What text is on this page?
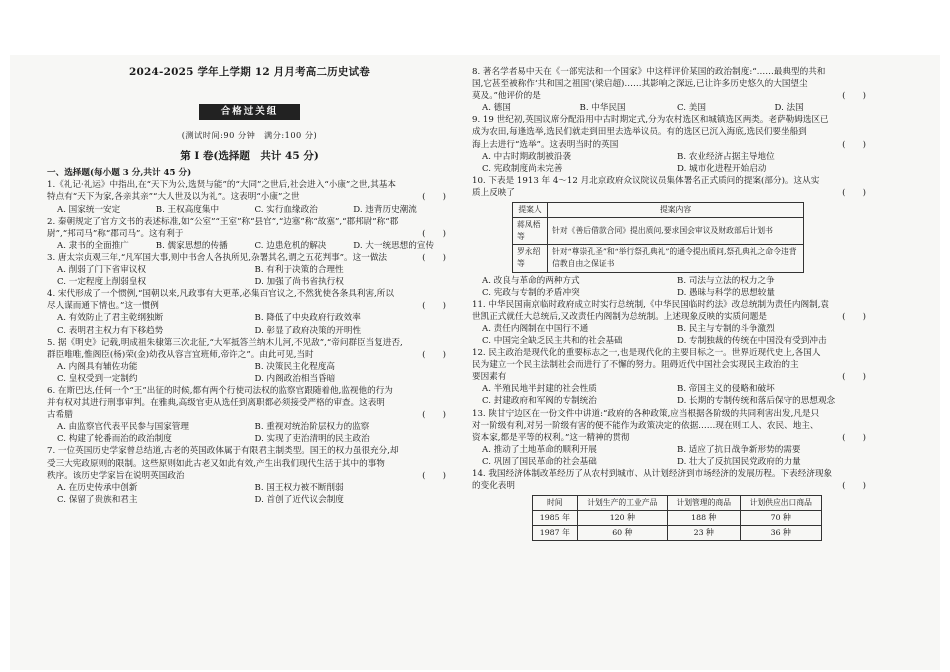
2024-2025 学年上学期 12 月月考高二历史试卷
合格过关组
(测试时间:90 分钟　满分:100 分)
第 Ⅰ 卷(选择题　共计 45 分)
一、选择题(每小题 3 分,共计 45 分)
1.《礼记·礼运》中指出,在“天下为公,选贤与能”的“大同”之世后,社会进入“小康”之世,其基本
特点有“天下为家,各亲其亲”“大人世及以为礼”。这表明“小康”之世	(　　)
A. 国家统一安定	B. 王权高度集中	C. 实行血缘政治	D. 违背历史潮流
2. 秦朝规定了官方文书的表述标准,如“公室”“王室”称“县官”,“边塞”称“故塞”,“郡邦尉”称“郡
尉”,“邦司马”称“郡司马”。这有利于	(　　)
A. 隶书的全面推广	B. 儒家思想的传播	C. 边患危机的解决	D. 大一统思想的宣传
3. 唐太宗贞观三年,“凡军国大事,则中书舍人各执所见,杂署其名,谓之五花判事”。这一做法	(　　)
A. 削弱了门下省审议权	B. 有利于决策的合理性
C. 一定程度上削弱皇权	D. 加强了尚书省执行权
4. 宋代形成了一个惯例,“国朝以来,凡政事有大更革,必集百官议之,不然犹使各条具利害,所以
尽人谋而通下情也。”这一惯例	(　　)
A. 有效防止了君主乾纲独断	B. 降低了中央政府行政效率
C. 表明君主权力有下移趋势	D. 彰显了政府决策的开明性
5. 据《明史》记载,明成祖朱棣第三次北征,“大军抵答兰纳木儿河,不见敌”,“帝问群臣当复进否,
群臣唯唯,惟阁臣(杨)荣(金)幼孜从容言宜班师,帝许之”。由此可见,当时	(　　)
A. 内阁具有辅佐功能	B. 决策民主化程度高
C. 皇权受到一定制约	D. 内阁政治相当昏暗
6. 在斯巴达,任何一个“王”出征的时候,都有两个行使司法权的监察官跟随着他,监视他的行为
并有权对其进行刑事审判。在雅典,高级官吏从选任到离职都必须接受严格的审查。这表明
古希腊	(　　)
A. 由监察官代表平民参与国家管理	B. 重视对统治阶层权力的监察
C. 构建了轮番而治的政治制度	D. 实现了吏治清明的民主政治
7. 一位英国历史学家曾总结道,古老的英国政体属于有限君主制类型。国王的权力虽很充分,却
受三大宪政原则的限制。这些原则如此古老又如此有效,产生出我们现代生活于其中的事物
秩序。该历史学家旨在说明英国政治	(　　)
A. 在历史传承中创新	B. 国王权力被不断削弱
C. 保留了贵族和君主	D. 首创了近代议会制度
8. 著名学者易中天在《一部宪法和一个国家》中这样评价某国的政治制度:“……最典型的共和
国,它甚至被称作‘共和国之祖国’(梁启超)……其影响之深远,已让许多历史悠久的大国望尘
莫及。”他评价的是	(　　)
A. 德国	B. 中华民国	C. 美国	D. 法国
9. 19 世纪初,英国议席分配沿用中古时期定式,分为农村选区和城镇选区两类。老萨勒姆选区已
成为农田,每逢选举,选民们就走到田里去选举议员。有的选区已沉入海底,选民们要坐船到
海上去进行“选举”。这表明当时的英国	(　　)
A. 中古时期政制被沿袭	B. 农业经济占据主导地位
C. 宪政制度尚未完善	D. 城市化进程开始启动
10. 下表是 1913 年 4～12 月北京政府众议院议员集体署名正式质问的提案(部分)。这从实
质上反映了	(　　)
提案人	提案内容
蒋凤梧等	针对《善后借款合同》提出质问,要求国会审议及财政部后计划书
罗永绍等	针对“尊崇孔圣”和“举行祭孔典礼”的通令提出质问,祭孔典礼之命令违背信教自由之保证书
A. 改良与革命的两种方式	B. 司法与立法的权力之争
C. 宪政与专制的矛盾冲突	D. 愚昧与科学的思想较量
11. 中华民国南京临时政府成立时实行总统制,《中华民国临时约法》改总统制为责任内阁制,袁
世凯正式就任大总统后,又改责任内阁制为总统制。上述现象反映的实质问题是	(　　)
A. 责任内阁制在中国行不通	B. 民主与专制的斗争激烈
C. 中国完全缺乏民主共和的社会基础	D. 专制独裁的传统在中国没有受到冲击
12. 民主政治是现代化的重要标志之一,也是现代化的主要目标之一。世界近现代史上,各国人
民为建立一个民主法制社会而进行了不懈的努力。阻碍近代中国社会实现民主政治的主
要因素有	(　　)
A. 半殖民地半封建的社会性质	B. 帝国主义的侵略和破坏
C. 封建政府和军阀的专制统治	D. 长期的专制传统和落后保守的思想观念
13. 陕甘宁边区在一份文件中讲道:“政府的各种政策,应当根据各阶级的共同利害出发,凡是只
对一阶级有利,对另一阶级有害的便不能作为政策决定的依据……现在则工人、农民、地主、
资本家,都是平等的权利。”这一精神的贯彻	(　　)
A. 推动了土地革命的顺利开展	B. 适应了抗日战争新形势的需要
C. 巩固了国民革命的社会基础	D. 壮大了反抗国民党政府的力量
14. 我国经济体制改革经历了从农村到城市、从计划经济到市场经济的发展历程。下表经济现象
的变化表明	(　　)
时间	计划生产的工业产品	计划管理的商品	计划供应出口商品
1985 年	120 种	188 种	70 种
1987 年	60 种	23 种	36 种
